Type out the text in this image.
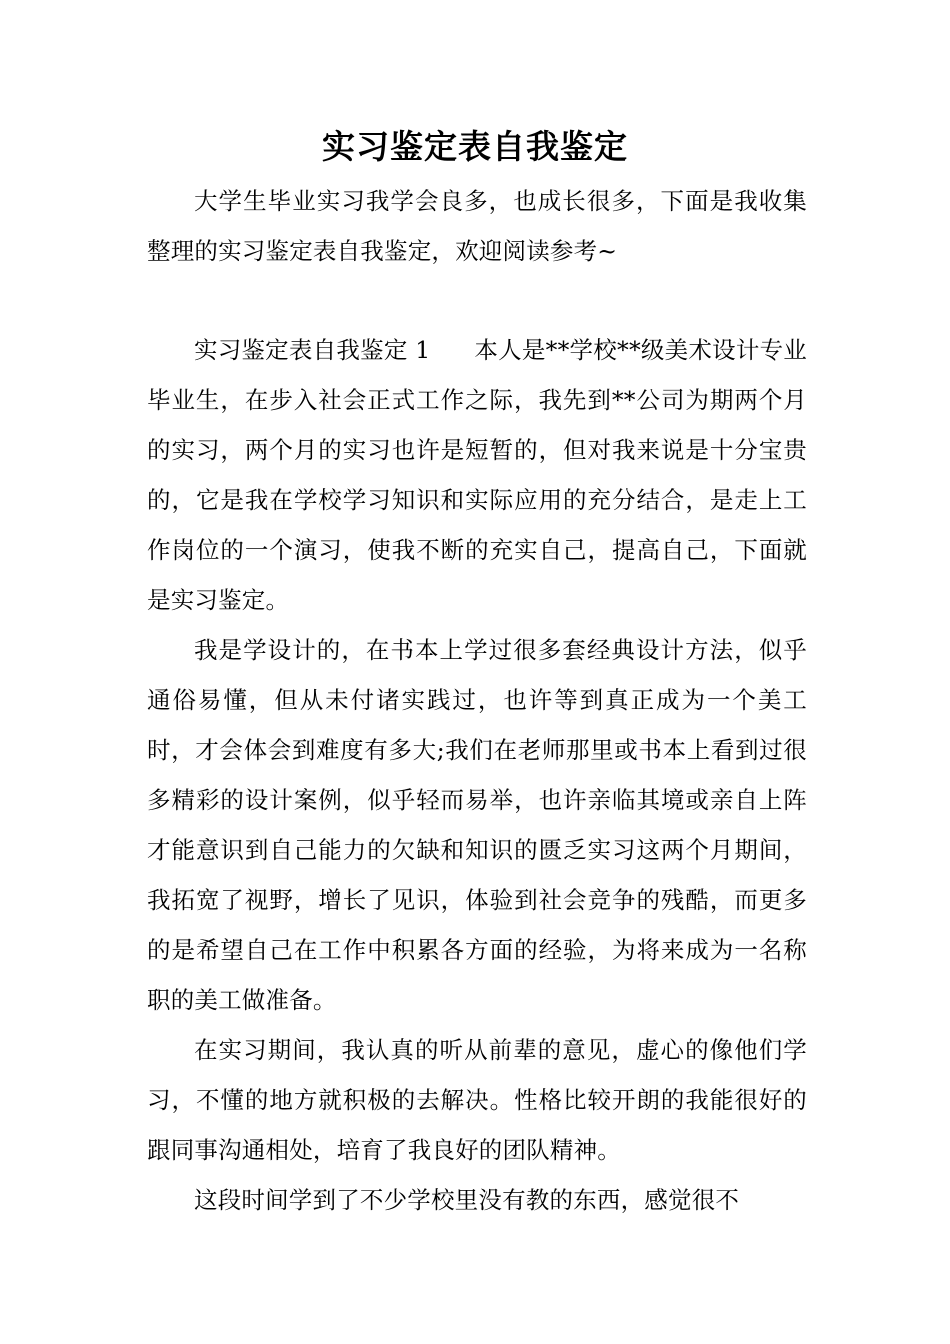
实习鉴定表自我鉴定

大学生毕业实习我学会良多，也成长很多，下面是我收集整理的实习鉴定表自我鉴定，欢迎阅读参考~

实习鉴定表自我鉴定 1 本人是**学校**级美术设计专业毕业生，在步入社会正式工作之际，我先到**公司为期两个月的实习，两个月的实习也许是短暂的，但对我来说是十分宝贵的，它是我在学校学习知识和实际应用的充分结合，是走上工作岗位的一个演习，使我不断的充实自己，提高自己，下面就是实习鉴定。

我是学设计的，在书本上学过很多套经典设计方法，似乎通俗易懂，但从未付诸实践过，也许等到真正成为一个美工时，才会体会到难度有多大;我们在老师那里或书本上看到过很多精彩的设计案例，似乎轻而易举，也许亲临其境或亲自上阵才能意识到自己能力的欠缺和知识的匮乏实习这两个月期间，我拓宽了视野，增长了见识，体验到社会竞争的残酷，而更多的是希望自己在工作中积累各方面的经验，为将来成为一名称职的美工做准备。

在实习期间，我认真的听从前辈的意见，虚心的像他们学习，不懂的地方就积极的去解决。性格比较开朗的我能很好的跟同事沟通相处，培育了我良好的团队精神。

这段时间学到了不少学校里没有教的东西，感觉很不
